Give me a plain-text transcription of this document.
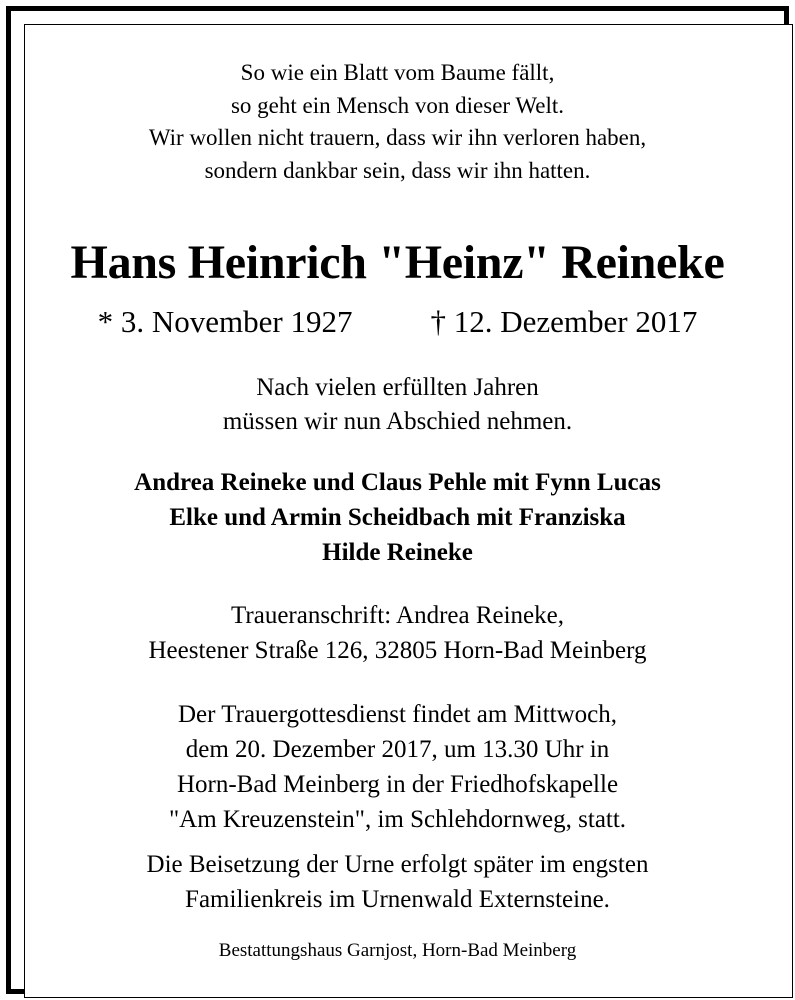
So wie ein Blatt vom Baume fällt,
so geht ein Mensch von dieser Welt.
Wir wollen nicht trauern, dass wir ihn verloren haben,
sondern dankbar sein, dass wir ihn hatten.
Hans Heinrich "Heinz" Reineke
* 3. November 1927	† 12. Dezember 2017
Nach vielen erfüllten Jahren
müssen wir nun Abschied nehmen.
Andrea Reineke und Claus Pehle mit Fynn Lucas
Elke und Armin Scheidbach mit Franziska
Hilde Reineke
Traueranschrift: Andrea Reineke,
Heestener Straße 126, 32805 Horn-Bad Meinberg
Der Trauergottesdienst findet am Mittwoch,
dem 20. Dezember 2017, um 13.30 Uhr in
Horn-Bad Meinberg in der Friedhofskapelle
"Am Kreuzenstein", im Schlehdornweg, statt.
Die Beisetzung der Urne erfolgt später im engsten
Familienkreis im Urnenwald Externsteine.
Bestattungshaus Garnjost, Horn-Bad Meinberg
